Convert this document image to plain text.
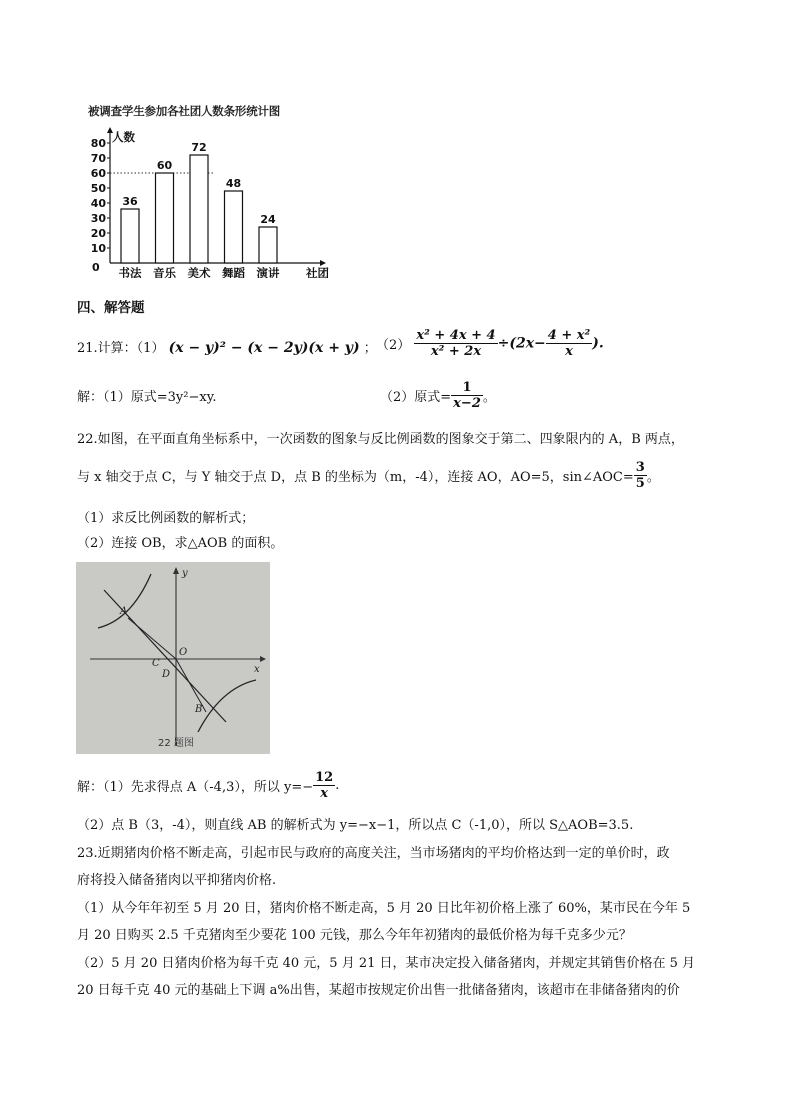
被调查学生参加各社团人数条形统计图
0
10
20
30
40
50
60
70
80 人数
36
书法
60
音乐
72
美术
48
舞蹈
24
演讲 社团
四、解答题
21.计算：（1） (x − y)² − (x − 2y)(x + y) ； $(2) \frac{\text{x² + 4x + 4}}{\text{x² + 2x}} \div(2x- \frac{\text{4 + x²}}{x}$ ).
解：（1）原式=3y²−xy.	（2）原式= $\frac{1}{x-2}$ 。
22.如图，在平面直角坐标系中，一次函数的图象与反比例函数的图象交于第二、四象限内的 A，B 两点，
与 x 轴交于点 C，与 Y 轴交于点 D，点 B 的坐标为（m，-4），连接 AO，AO=5，sin∠AOC= $\frac{3}{5}$ 。
（1）求反比例函数的解析式；
（2）连接 OB，求△AOB 的面积。
y
x
A
B
C
D
O
22 题图
解：（1）先求得点 A（-4,3），所以 $y=- \frac{12}{x}$ .
（2）点 B（3，-4），则直线 AB 的解析式为 y=−x−1，所以点 C（-1,0），所以 S△AOB=3.5.
23.近期猪肉价格不断走高，引起市民与政府的高度关注，当市场猪肉的平均价格达到一定的单价时，政
府将投入储备猪肉以平抑猪肉价格.
（1）从今年年初至 5 月 20 日，猪肉价格不断走高，5 月 20 日比年初价格上涨了 60%，某市民在今年 5
月 20 日购买 2.5 千克猪肉至少要花 100 元钱，那么今年年初猪肉的最低价格为每千克多少元？
（2）5 月 20 日猪肉价格为每千克 40 元，5 月 21 日，某市决定投入储备猪肉，并规定其销售价格在 5 月
20 日每千克 40 元的基础上下调 a%出售，某超市按规定价出售一批储备猪肉，该超市在非储备猪肉的价
